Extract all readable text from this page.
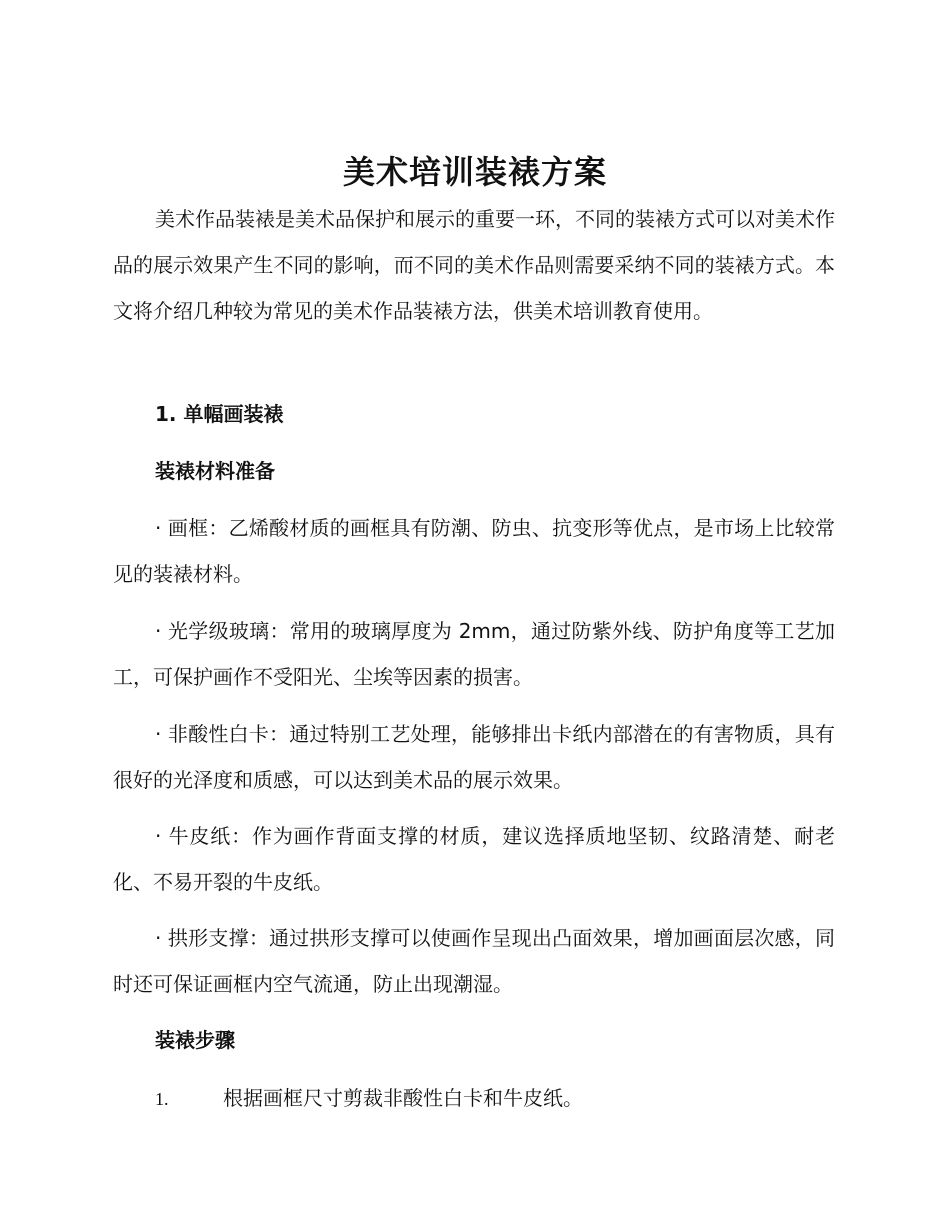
美术培训装裱方案

美术作品装裱是美术品保护和展示的重要一环，不同的装裱方式可以对美术作品的展示效果产生不同的影响，而不同的美术作品则需要采纳不同的装裱方式。本文将介绍几种较为常见的美术作品装裱方法，供美术培训教育使用。

1. 单幅画装裱

装裱材料准备

· 画框：乙烯酸材质的画框具有防潮、防虫、抗变形等优点，是市场上比较常见的装裱材料。

· 光学级玻璃：常用的玻璃厚度为 2mm，通过防紫外线、防护角度等工艺加工，可保护画作不受阳光、尘埃等因素的损害。

· 非酸性白卡：通过特别工艺处理，能够排出卡纸内部潜在的有害物质，具有很好的光泽度和质感，可以达到美术品的展示效果。

· 牛皮纸：作为画作背面支撑的材质，建议选择质地坚韧、纹路清楚、耐老化、不易开裂的牛皮纸。

· 拱形支撑：通过拱形支撑可以使画作呈现出凸面效果，增加画面层次感，同时还可保证画框内空气流通，防止出现潮湿。

装裱步骤

1.	根据画框尺寸剪裁非酸性白卡和牛皮纸。
